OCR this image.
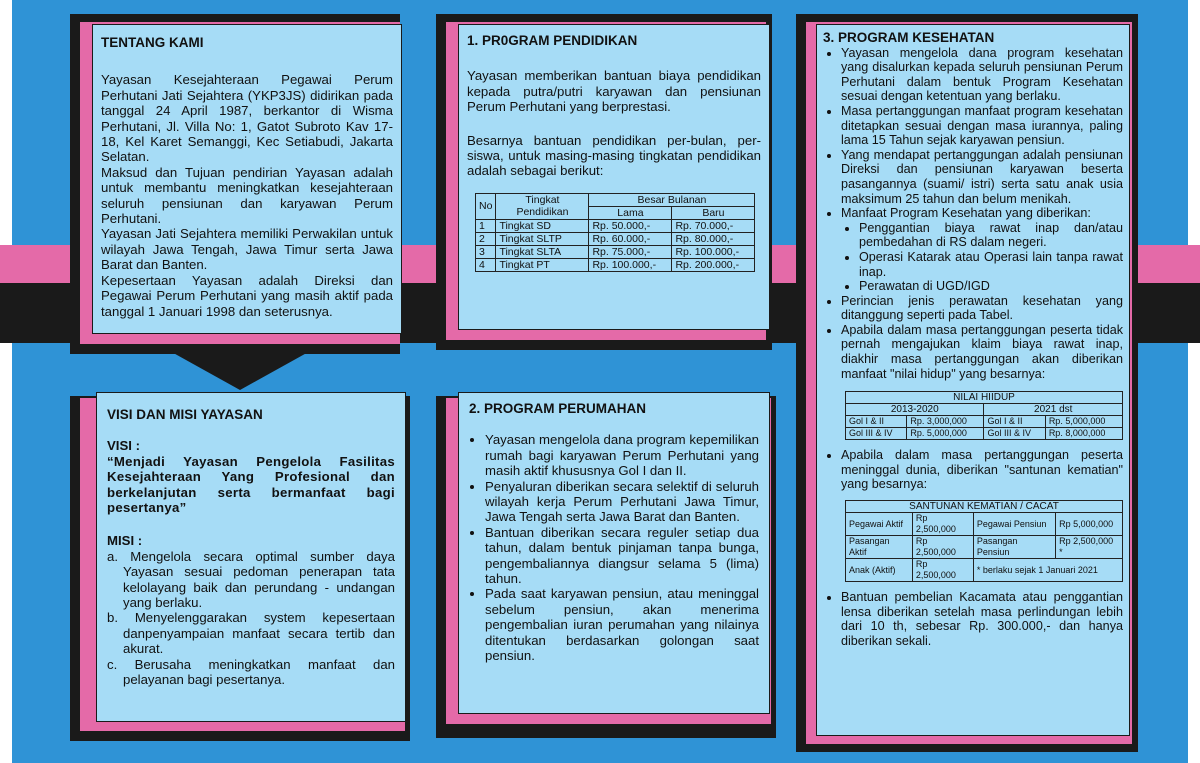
TENTANG KAMI

Yayasan Kesejahteraan Pegawai Perum Perhutani Jati Sejahtera (YKP3JS) didirikan pada tanggal 24 April 1987, berkantor di Wisma Perhutani, Jl. Villa No: 1, Gatot Subroto Kav 17-18, Kel Karet Semanggi, Kec Setiabudi, Jakarta Selatan.

Maksud dan Tujuan pendirian Yayasan adalah untuk membantu meningkatkan kesejahteraan seluruh pensiunan dan karyawan Perum Perhutani.

Yayasan Jati Sejahtera memiliki Perwakilan untuk wilayah Jawa Tengah, Jawa Timur serta Jawa Barat dan Banten.

Kepesertaan Yayasan adalah Direksi dan Pegawai Perum Perhutani yang masih aktif pada tanggal 1 Januari 1998 dan seterusnya.

VISI DAN MISI YAYASAN
VISI :

“Menjadi Yayasan Pengelola Fasilitas Kesejahteraan Yang Profesional dan berkelanjutan serta bermanfaat bagi pesertanya”

MISI :

a. Mengelola secara optimal sumber daya Yayasan sesuai pedoman penerapan tata kelolayang baik dan perundang - undangan yang berlaku.

b. Menyelenggarakan system kepesertaan danpenyampaian manfaat secara tertib dan akurat.

c. Berusaha meningkatkan manfaat dan pelayanan bagi pesertanya.

1. PR0GRAM PENDIDIKAN

Yayasan memberikan bantuan biaya pendidikan kepada putra/putri karyawan dan pensiunan Perum Perhutani yang berprestasi.

Besarnya bantuan pendidikan per-bulan, per-siswa, untuk masing-masing tingkatan pendidikan adalah sebagai berikut:

No	Tingkat Pendidikan	Besar Bulanan	
		Lama	Baru
1	Tingkat SD	Rp. 50.000,-	Rp. 70.000,-
2	Tingkat SLTP	Rp. 60.000,-	Rp. 80.000,-
3	Tingkat SLTA	Rp. 75.000,-	Rp. 100.000,-
4	Tingkat PT	Rp. 100.000,-	Rp. 200.000,-
2. PROGRAM PERUMAHAN
• Yayasan mengelola dana program kepemilikan rumah bagi karyawan Perum Perhutani yang masih aktif khususnya Gol I dan II.
• Penyaluran diberikan secara selektif di seluruh wilayah kerja Perum Perhutani Jawa Timur, Jawa Tengah serta Jawa Barat dan Banten.
• Bantuan diberikan secara reguler setiap dua tahun, dalam bentuk pinjaman tanpa bunga, pengembaliannya diangsur selama 5 (lima) tahun.
• Pada saat karyawan pensiun, atau meninggal sebelum pensiun, akan menerima pengembalian iuran perumahan yang nilainya ditentukan berdasarkan golongan saat pensiun.
3. PROGRAM KESEHATAN
• Yayasan mengelola dana program kesehatan yang disalurkan kepada seluruh pensiunan Perum Perhutani dalam bentuk Program Kesehatan sesuai dengan ketentuan yang berlaku.
• Masa pertanggungan manfaat program kesehatan ditetapkan sesuai dengan masa iurannya, paling lama 15 Tahun sejak karyawan pensiun.
• Yang mendapat pertanggungan adalah pensiunan Direksi dan pensiunan karyawan beserta pasangannya (suami/ istri) serta satu anak usia maksimum 25 tahun dan belum menikah.
• Manfaat Program Kesehatan yang diberikan:
• Penggantian biaya rawat inap dan/atau pembedahan di RS dalam negeri.
• Operasi Katarak atau Operasi lain tanpa rawat inap.
• Perawatan di UGD/IGD
• Perincian jenis perawatan kesehatan yang ditanggung seperti pada Tabel.
• Apabila dalam masa pertanggungan peserta tidak pernah mengajukan klaim biaya rawat inap, diakhir masa pertanggungan akan diberikan manfaat "nilai hidup" yang besarnya:
NILAI HIIDUP			
2013-2020		2021 dst	
Gol I & II	Rp. 3,000,000	Gol I & II	Rp. 5,000,000
Gol III & IV	Rp. 5,000,000	Gol III & IV	Rp. 8,000,000
• Apabila dalam masa pertanggungan peserta meninggal dunia, diberikan "santunan kematian" yang besarnya:
SANTUNAN KEMATIAN / CACAT			
Pegawai Aktif	Rp 2,500,000	Pegawai Pensiun	Rp 5,000,000
Pasangan Aktif	Rp 2,500,000	Pasangan Pensiun	Rp 2,500,000 *
Anak (Aktif)	Rp 2,500,000	* berlaku sejak 1 Januari 2021	
• Bantuan pembelian Kacamata atau penggantian lensa diberikan setelah masa perlindungan lebih dari 10 th, sebesar Rp. 300.000,- dan hanya diberikan sekali.
